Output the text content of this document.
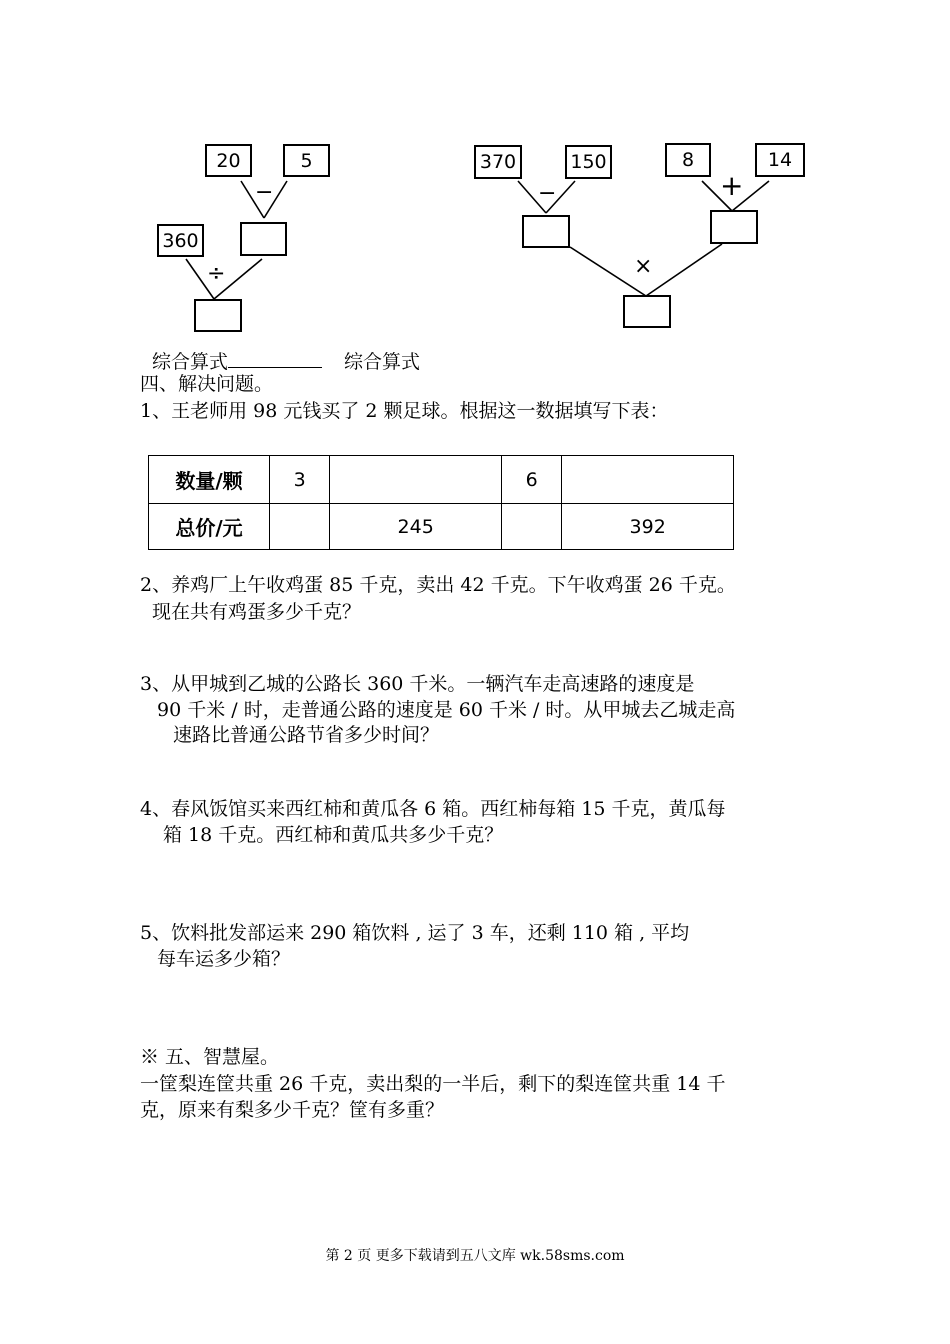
20	5
−
360
÷
370	150	8	14
−	+
×
综合算式	综合算式
四、解决问题。
1、王老师用 98 元钱买了 2 颗足球。根据这一数据填写下表：
数量/颗	3		6	
总价/元		245		392
2、养鸡厂上午收鸡蛋 85 千克，卖出 42 千克。下午收鸡蛋 26 千克。
现在共有鸡蛋多少千克？
3、从甲城到乙城的公路长 360 千米。一辆汽车走高速路的速度是
90 千米 / 时，走普通公路的速度是 60 千米 / 时。从甲城去乙城走高
速路比普通公路节省多少时间？
4、春风饭馆买来西红柿和黄瓜各 6 箱。西红柿每箱 15 千克，黄瓜每
箱 18 千克。西红柿和黄瓜共多少千克？
5、饮料批发部运来 290 箱饮料 , 运了 3 车，还剩 110 箱 , 平均
每车运多少箱？
※ 五、智慧屋。
一筐梨连筐共重 26 千克，卖出梨的一半后，剩下的梨连筐共重 14 千
克，原来有梨多少千克？筐有多重？
第 2 页 更多下载请到五八文库 wk.58sms.com
